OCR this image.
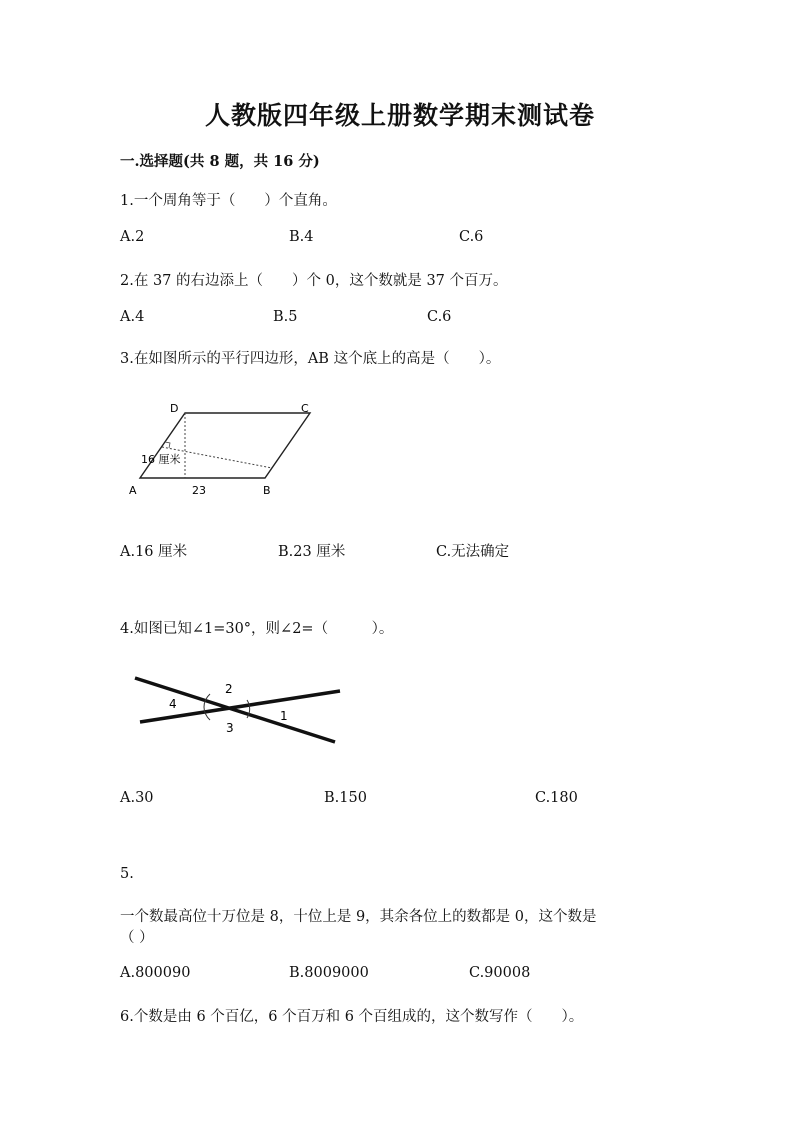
人教版四年级上册数学期末测试卷
一.选择题(共 8 题，共 16 分)
1.一个周角等于（　　）个直角。
A.2	B.4	C.6
2.在 37 的右边添上（　　）个 0，这个数就是 37 个百万。
A.4	B.5	C.6
3.在如图所示的平行四边形，AB 这个底上的高是（　　）。
D	C
A	B
16 厘米
23
A.16 厘米	B.23 厘米	C.无法确定
4.如图已知∠1=30°，则∠2=（　　　）。
4
2
3
1
A.30	B.150	C.180
5.
一个数最高位十万位是 8，十位上是 9，其余各位上的数都是 0，这个数是
（ ）
A.800090	B.8009000	C.90008
6.个数是由 6 个百亿，6 个百万和 6 个百组成的，这个数写作（　　）。
